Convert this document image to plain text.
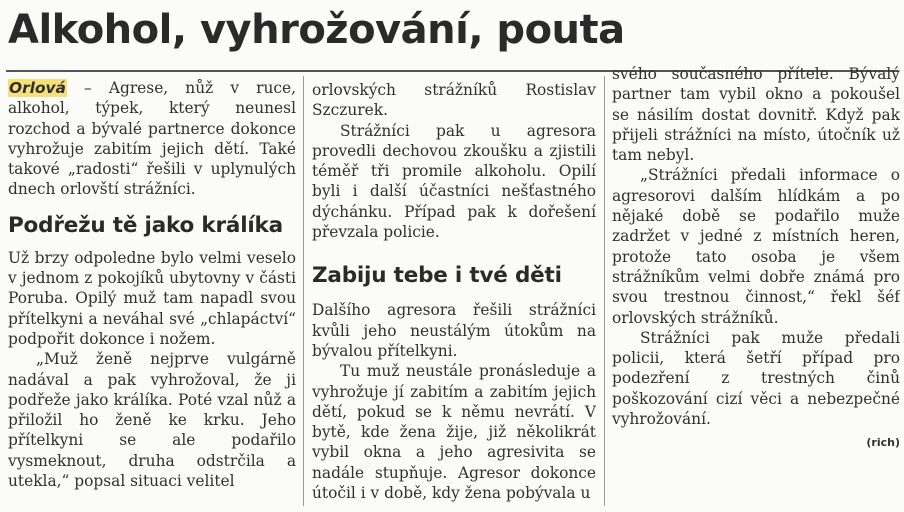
Alkohol, vyhrožování, pouta

Orlová – Agrese, nůž v ruce, alkohol, týpek, který neunesl rozchod a bývalé partnerce dokonce vyhrožuje zabitím jejich dětí. Také takové „radosti“ řešili v uplynulých dnech orlovští strážníci.

Podřežu tě jako králíka

Už brzy odpoledne bylo velmi veselo v jednom z pokojíků ubytovny v části Poruba. Opilý muž tam napadl svou přítelkyni a neváhal své „chlapáctví“ podpořit dokonce i nožem.

„Muž ženě nejprve vulgárně nadával a pak vyhrožoval, že ji podřeže jako králíka. Poté vzal nůž a přiložil ho ženě ke krku. Jeho přítelkyni se ale podařilo vysmeknout, druha odstrčila a utekla,“ popsal situaci velitel

orlovských strážníků Rostislav Szczurek.

Strážníci pak u agresora provedli dechovou zkoušku a zjistili téměř tři promile alkoholu. Opilí byli i další účastníci nešťastného dýchánku. Případ pak k dořešení převzala policie.

Zabiju tebe i tvé děti

Dalšího agresora řešili strážníci kvůli jeho neustálým útokům na bývalou přítelkyni.

Tu muž neustále pronásleduje a vyhrožuje jí zabitím a zabitím jejich dětí, pokud se k němu nevrátí. V bytě, kde žena žije, již několikrát vybil okna a jeho agresivita se nadále stupňuje. Agresor dokonce útočil i v době, kdy žena pobývala u

svého současného přítele. Bývalý partner tam vybil okno a pokoušel se násilím dostat dovnitř. Když pak přijeli strážníci na místo, útočník už tam nebyl.

„Strážníci předali informace o agresorovi dalším hlídkám a po nějaké době se podařilo muže zadržet v jedné z místních heren, protože tato osoba je všem strážníkům velmi dobře známá pro svou trestnou činnost,“ řekl šéf orlovských strážníků.

Strážníci pak muže předali policii, která šetří případ pro podezření z trestných činů poškozování cizí věci a nebezpečné vyhrožování.

(rich)
